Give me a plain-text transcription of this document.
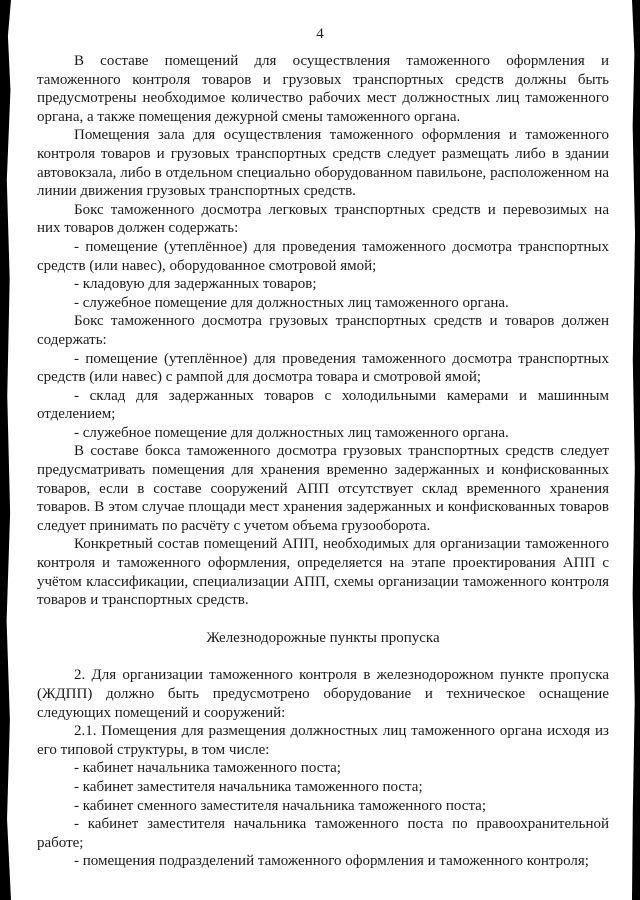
4

В составе помещений для осуществления таможенного оформления и таможенного контроля товаров и грузовых транспортных средств должны быть предусмотрены необходимое количество рабочих мест должностных лиц таможенного органа, а также помещения дежурной смены таможенного органа.

Помещения зала для осуществления таможенного оформления и таможенного контроля товаров и грузовых транспортных средств следует размещать либо в здании автовокзала, либо в отдельном специально оборудованном павильоне, расположенном на линии движения грузовых транспортных средств.

Бокс таможенного досмотра легковых транспортных средств и перевозимых на них товаров должен содержать:

- помещение (утеплённое) для проведения таможенного досмотра транспортных средств (или навес), оборудованное смотровой ямой;

- кладовую для задержанных товаров;

- служебное помещение для должностных лиц таможенного органа.

Бокс таможенного досмотра грузовых транспортных средств и товаров должен содержать:

- помещение (утеплённое) для проведения таможенного досмотра транспортных средств (или навес) с рампой для досмотра товара и смотровой ямой;

- склад для задержанных товаров с холодильными камерами и машинным отделением;

- служебное помещение для должностных лиц таможенного органа.

В составе бокса таможенного досмотра грузовых транспортных средств следует предусматривать помещения для хранения временно задержанных и конфискованных товаров, если в составе сооружений АПП отсутствует склад временного хранения товаров. В этом случае площади мест хранения задержанных и конфискованных товаров следует принимать по расчёту с учетом объема грузооборота.

Конкретный состав помещений АПП, необходимых для организации таможенного контроля и таможенного оформления, определяется на этапе проектирования АПП с учётом классификации, специализации АПП, схемы организации таможенного контроля товаров и транспортных средств.

Железнодорожные пункты пропуска

2. Для организации таможенного контроля в железнодорожном пункте пропуска (ЖДПП) должно быть предусмотрено оборудование и техническое оснащение следующих помещений и сооружений:

2.1. Помещения для размещения должностных лиц таможенного органа исходя из его типовой структуры, в том числе:

- кабинет начальника таможенного поста;

- кабинет заместителя начальника таможенного поста;

- кабинет сменного заместителя начальника таможенного поста;

- кабинет заместителя начальника таможенного поста по правоохранительной работе;

- помещения подразделений таможенного оформления и таможенного контроля;
